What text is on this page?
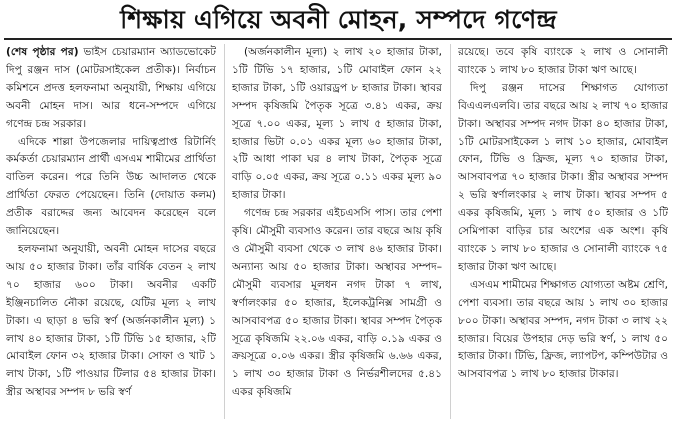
শিক্ষায় এগিয়ে অবনী মোহন, সম্পদে গণেন্দ্র

(শেষ পৃষ্ঠার পর) ভাইস চেয়ারম্যান অ্যাডভোকেট দিপু রঞ্জন দাস (মোটরসাইকেল প্রতীক)। নির্বাচন কমিশনে প্রদত্ত হলফনামা অনুযায়ী, শিক্ষায় এগিয়ে অবনী মোহন দাস। আর ধনে-সম্পদে এগিয়ে গণেন্দ্র চন্দ্র সরকার।

এদিকে শাল্লা উপজেলার দায়িত্বপ্রাপ্ত রিটার্নিং কর্মকর্তা চেয়ারম্যান প্রার্থী এসএম শামীমের প্রার্থিতা বাতিল করেন। পরে তিনি উচ্চ আদালত থেকে প্রার্থিতা ফেরত পেয়েছেন। তিনি (দোয়াত কলম) প্রতীক বরাদ্দের জন্য আবেদন করেছেন বলে জানিয়েছেন।

হলফনামা অনুযায়ী, অবনী মোহন দাসের বছরে আয় ৫০ হাজার টাকা। তাঁর বার্ষিক বেতন ২ লাখ ৭০ হাজার ৬০০ টাকা। অবনীর একটি ইঞ্জিনচালিত নৌকা রয়েছে, যেটির মূল্য ২ লাখ টাকা। এ ছাড়া ৪ ভরি স্বর্ণ (অর্জনকালীন মূল্য) ১ লাখ ৪০ হাজার টাকা, ১টি টিভি ১৫ হাজার, ২টি মোবাইল ফোন ৩২ হাজার টাকা। সোফা ও খাট ১ লাখ টাকা, ১টি পাওয়ার টিলার ৫৪ হাজার টাকা। স্ত্রীর অস্থাবর সম্পদ ৮ ভরি স্বর্ণ

(অর্জনকালীন মূল্য) ২ লাখ ২০ হাজার টাকা, ১টি টিভি ১৭ হাজার, ১টি মোবাইল ফোন ২২ হাজার টাকা, ১টি ওয়ারড্রপ ৮ হাজার টাকা। স্থাবর সম্পদ কৃষিজমি পৈতৃক সূত্রে ৩.৪১ একর, ক্রয় সূত্রে ৭.০০ একর, মূল্য ১ লাখ ৫ হাজার টাকা, হাজার ভিটা ০.০১ একর মূল্য ৬০ হাজার টাকা, ২টি আধা পাকা ঘর ৪ লাখ টাকা, পৈতৃক সূত্রে বাড়ি ০.০৫ একর, ক্রয় সূত্রে ০.১১ একর মূল্য ৯০ হাজার টাকা।

গণেন্দ্র চন্দ্র সরকার এইচএসসি পাস। তার পেশা কৃষি। মৌসুমী ব্যবসাও করেন। তার বছরে আয় কৃষি ও মৌসুমী ব্যবসা থেকে ৩ লাখ ৪৬ হাজার টাকা। অন্যান্য আয় ৫০ হাজার টাকা। অস্থাবর সম্পদ– মৌসুমী ব্যবসার মূলধন নগদ টাকা ৭ লাখ, স্বর্ণালংকার ৫০ হাজার, ইলেকট্রনিক্স সামগ্রী ও আসবাবপত্র ৫০ হাজার টাকা। স্থাবর সম্পদ পৈতৃক সূত্রে কৃষিজমি ২২.০৬ একর, বাড়ি ০.১৯ একর ও ক্রয়সূত্রে ০.০৬ একর। স্ত্রীর কৃষিজমি ৬.৬৬ একর, ১ লাখ ৩০ হাজার টাকা ও নির্ভরশীলদের ৫.৪১ একর কৃষিজমি

রয়েছে। তবে কৃষি ব্যাংকে ২ লাখ ও সোনালী ব্যাংকে ১ লাখ ৮০ হাজার টাকা ঋণ আছে।

দিপু রঞ্জন দাসের শিক্ষাগত যোগ্যতা বিএএলএলবি। তার বছরে আয় ২ লাখ ৭০ হাজার টাকা। অস্থাবর সম্পদ নগদ টাকা ৪০ হাজার টাকা, ১টি মোটরসাইকেল ১ লাখ ১০ হাজার, মোবাইল ফোন, টিভি ও ফ্রিজ, মূল্য ৭০ হাজার টাকা, আসবাবপত্র ৭০ হাজার টাকা। স্ত্রীর অস্থাবর সম্পদ ২ ভরি স্বর্ণালংকার ২ লাখ টাকা। স্থাবর সম্পদ ৫ একর কৃষিজমি, মূল্য ১ লাখ ৫০ হাজার ও ১টি সেমিপাকা বাড়ির চার অংশের এক অংশ। কৃষি ব্যাংকে ১ লাখ ৮০ হাজার ও সোনালী ব্যাংকে ৭৫ হাজার টাকা ঋণ আছে।

এসএম শামীমের শিক্ষাগত যোগ্যতা অষ্টম শ্রেণি, পেশা ব্যবসা। তার বছরে আয় ১ লাখ ৩০ হাজার ৮০০ টাকা। অস্থাবর সম্পদ, নগদ টাকা ৩ লাখ ২২ হাজার। বিয়ের উপহার দেড় ভরি স্বর্ণ, ১ লাখ ৫০ হাজার টাকা। টিভি, ফ্রিজ, ল্যাপটপ, কম্পিউটার ও আসবাবপত্র ১ লাখ ৮০ হাজার টাকার।
